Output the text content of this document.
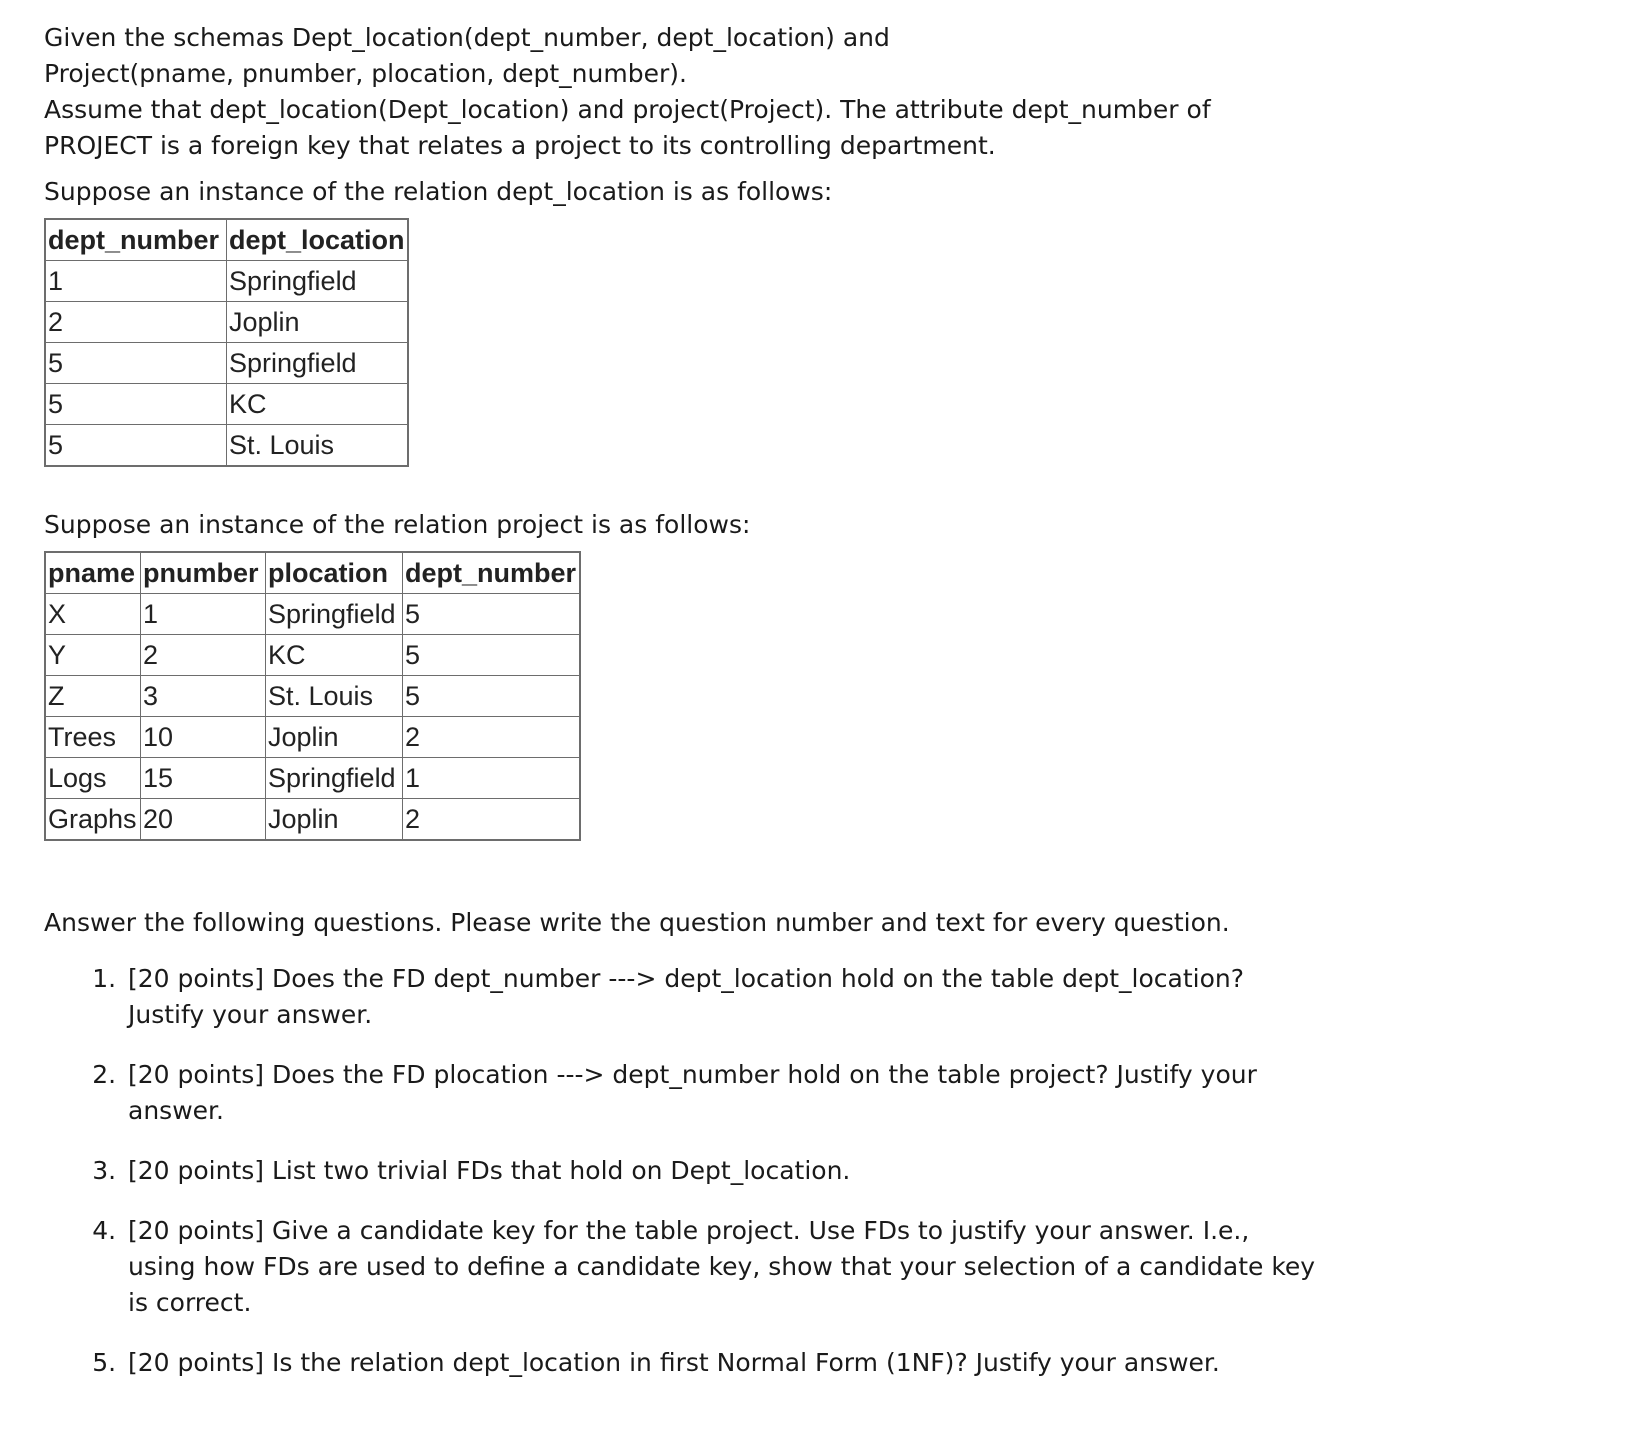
Given the schemas Dept_location(dept_number, dept_location) and

Project(pname, pnumber, plocation, dept_number).

Assume that dept_location(Dept_location) and project(Project). The attribute dept_number of

PROJECT is a foreign key that relates a project to its controlling department.

Suppose an instance of the relation dept_location is as follows:

dept_number	dept_location
1	Springfield
2	Joplin
5	Springfield
5	KC
5	St. Louis

Suppose an instance of the relation project is as follows:

pname	pnumber	plocation	dept_number
X	1	Springfield	5
Y	2	KC	5
Z	3	St. Louis	5
Trees	10	Joplin	2
Logs	15	Springfield	1
Graphs	20	Joplin	2

Answer the following questions. Please write the question number and text for every question.

1. [20 points] Does the FD dept_number ---> dept_location hold on the table dept_location? Justify your answer.
2. [20 points] Does the FD plocation ---> dept_number hold on the table project? Justify your answer.
3. [20 points] List two trivial FDs that hold on Dept_location.
4. [20 points] Give a candidate key for the table project. Use FDs to justify your answer. I.e., using how FDs are used to define a candidate key, show that your selection of a candidate key is correct.
5. [20 points] Is the relation dept_location in first Normal Form (1NF)? Justify your answer.
